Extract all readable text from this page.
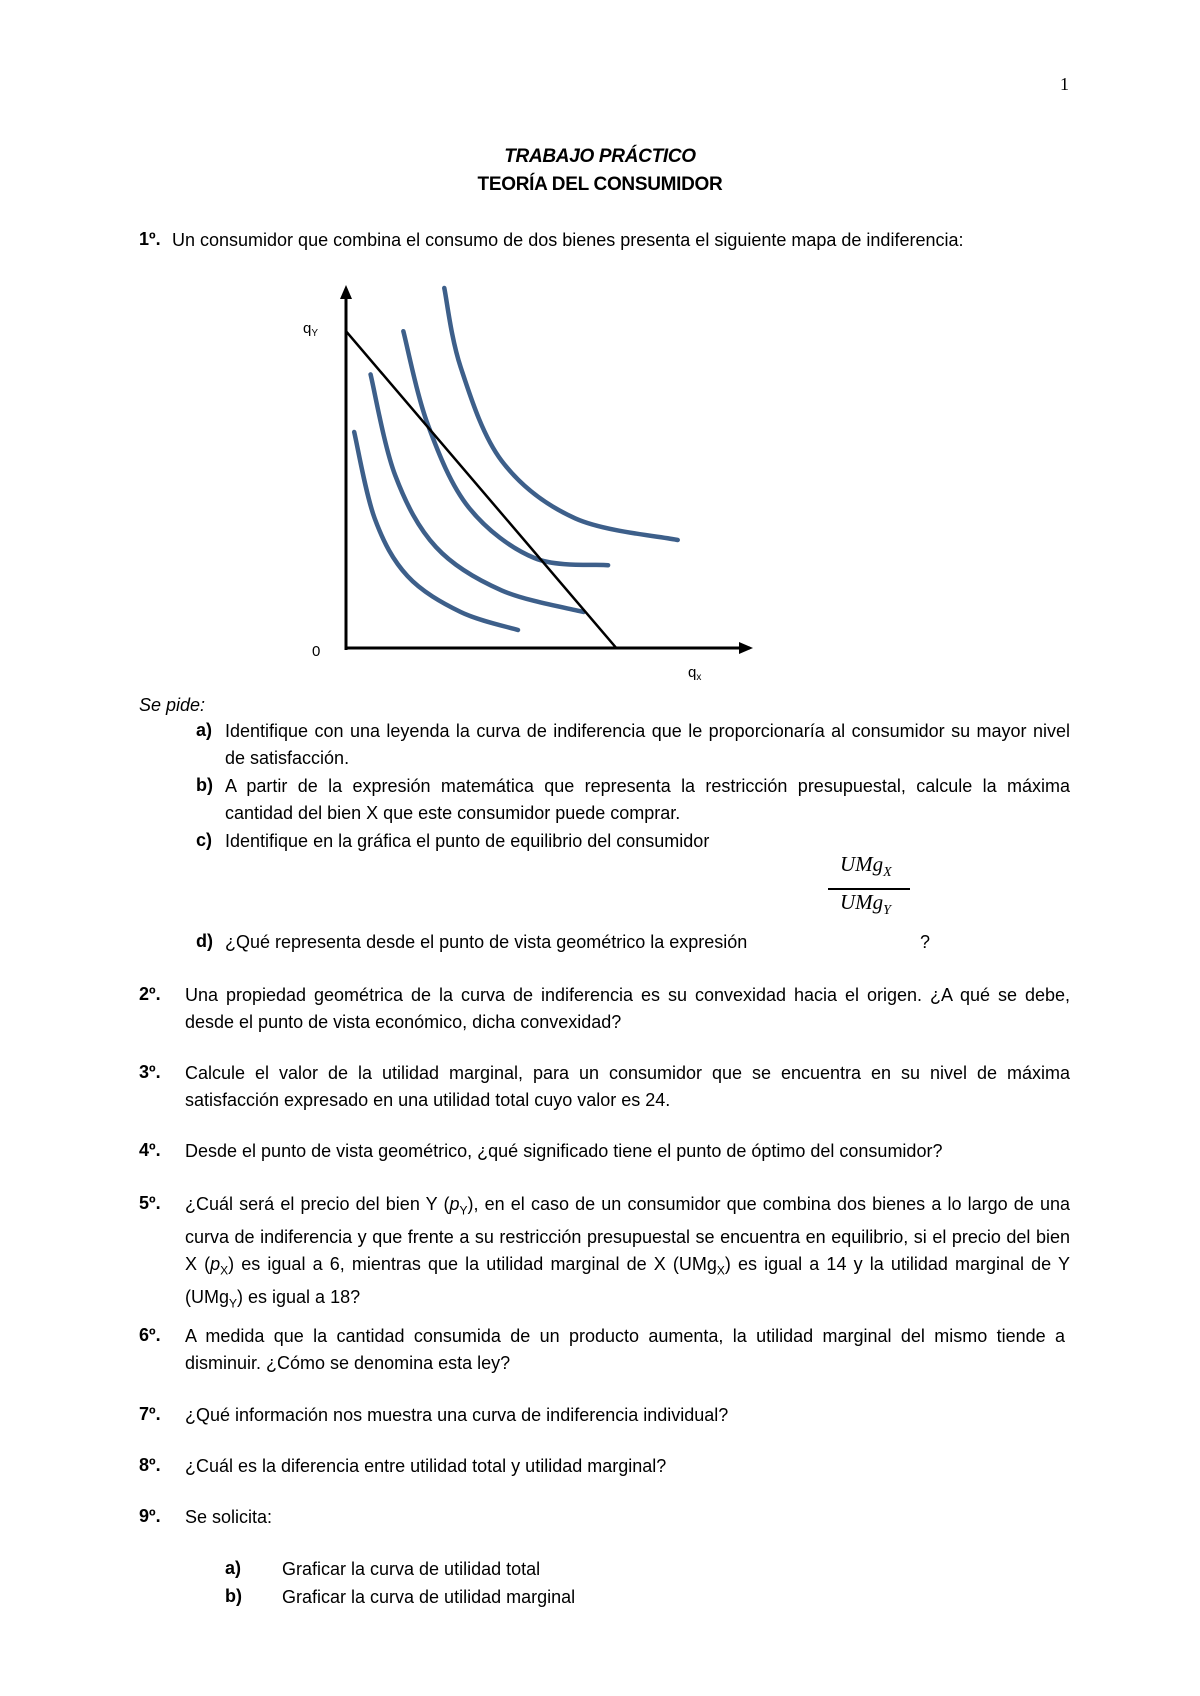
1
TRABAJO PRÁCTICO
TEORÍA DEL CONSUMIDOR
1º. Un consumidor que combina el consumo de dos bienes presenta el siguiente mapa de indiferencia:
0
$q_Y$
$q_x$
Se pide:
a) Identifique con una leyenda la curva de indiferencia que le proporcionaría al consumidor su mayor nivel de satisfacción.
b) A partir de la expresión matemática que representa la restricción presupuestal, calcule la máxima cantidad del bien X que este consumidor puede comprar.
c) Identifique en la gráfica el punto de equilibrio del consumidor
UMg$_X$
UMg$_Y$
d) ¿Qué representa desde el punto de vista geométrico la expresión	?
2º. Una propiedad geométrica de la curva de indiferencia es su convexidad hacia el origen. ¿A qué se debe, desde el punto de vista económico, dicha convexidad?
3º. Calcule el valor de la utilidad marginal, para un consumidor que se encuentra en su nivel de máxima satisfacción expresado en una utilidad total cuyo valor es 24.
4º. Desde el punto de vista geométrico, ¿qué significado tiene el punto de óptimo del consumidor?
5º. ¿Cuál será el precio del bien Y $(p_Y)$, en el caso de un consumidor que combina dos bienes a lo largo de una curva de indiferencia y que frente a su restricción presupuestal se encuentra en equilibrio, si el precio del bien X $(p_X)$ es igual a 6, mientras que la utilidad marginal de X (UMg$_X$) es igual a 14 y la utilidad marginal de Y (UMg$_Y$) es igual a 18?
6º. A medida que la cantidad consumida de un producto aumenta, la utilidad marginal del mismo tiende a disminuir. ¿Cómo se denomina esta ley?
7º. ¿Qué información nos muestra una curva de indiferencia individual?
8º. ¿Cuál es la diferencia entre utilidad total y utilidad marginal?
9º. Se solicita:
a) Graficar la curva de utilidad total
b) Graficar la curva de utilidad marginal
